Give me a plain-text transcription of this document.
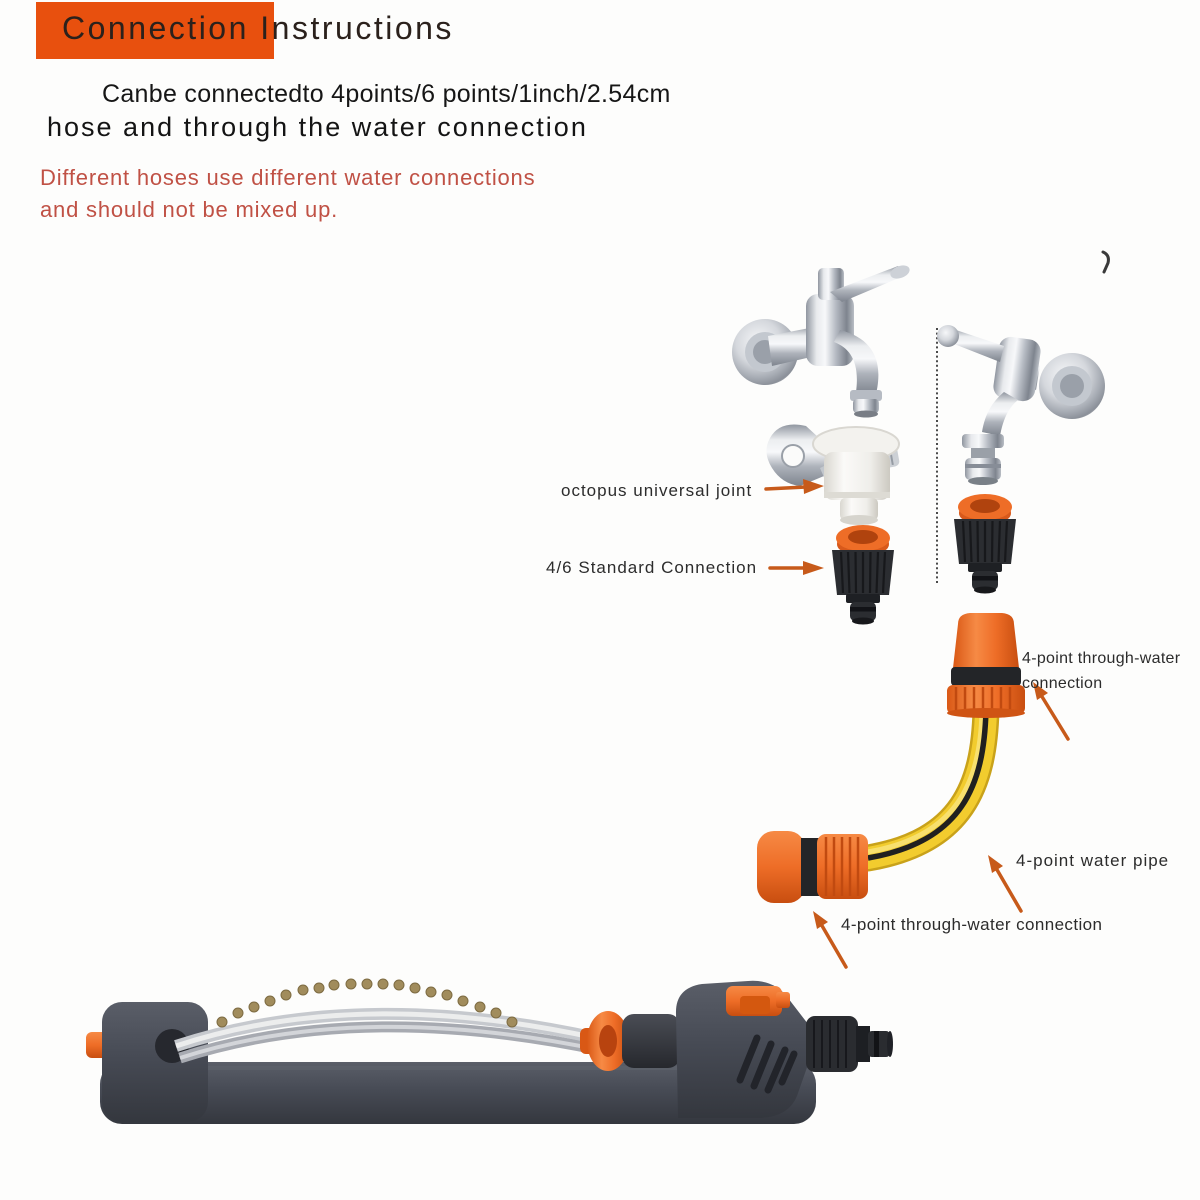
Connection Instructions
Canbe connectedto 4points/6 points/1inch/2.54cm
hose and through the water connection
Different hoses use different water connections
and should not be mixed up.
octopus universal joint
4/6 Standard Connection
4-point through-water
connection
4-point water pipe
4-point through-water connection
